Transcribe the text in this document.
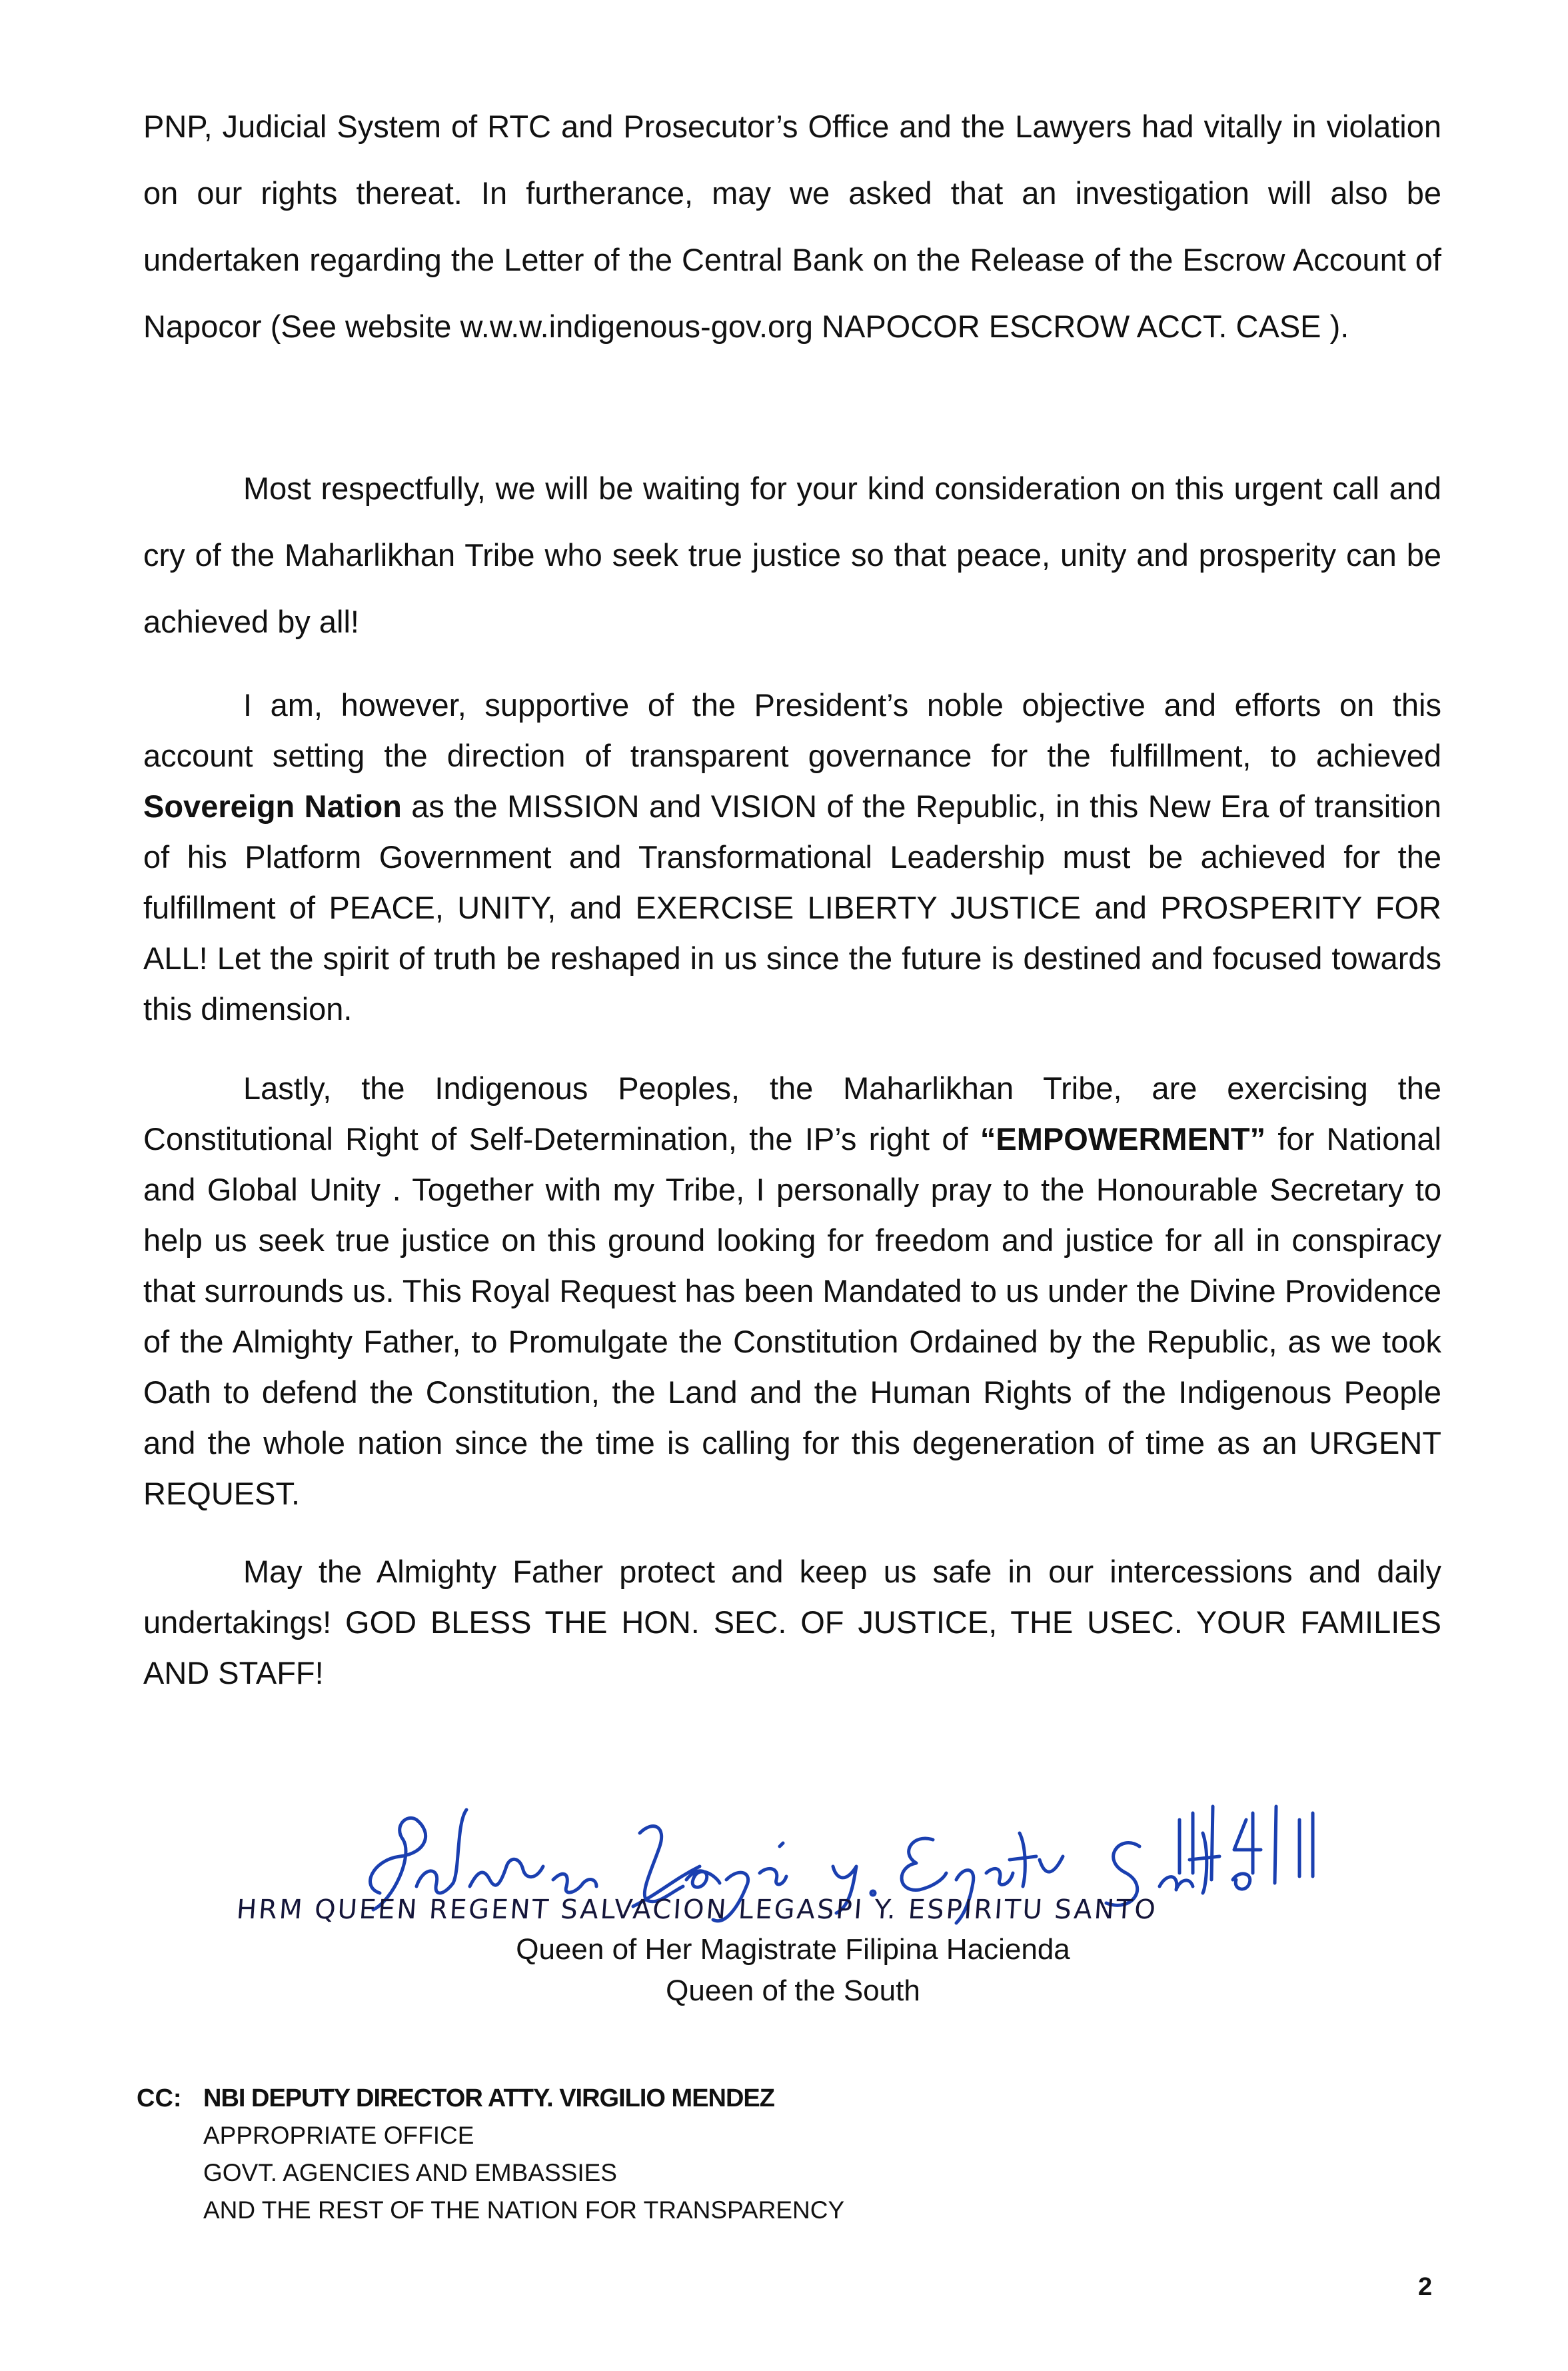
PNP, Judicial System of RTC and Prosecutor’s Office and the Lawyers had vitally in violation on our rights thereat. In furtherance, may we asked that an investigation will also be undertaken regarding the Letter of the Central Bank on the Release of the Escrow Account of Napocor (See website w.w.w.indigenous-gov.org NAPOCOR ESCROW ACCT. CASE ).

Most respectfully, we will be waiting for your kind consideration on this urgent call and cry of the Maharlikhan Tribe who seek true justice so that peace, unity and prosperity can be achieved by all!

I am, however, supportive of the President’s noble objective and efforts on this account setting the direction of transparent governance for the fulfillment, to achieved Sovereign Nation as the MISSION and VISION of the Republic, in this New Era of transition of his Platform Government and Transformational Leadership must be achieved for the fulfillment of PEACE, UNITY, and EXERCISE LIBERTY JUSTICE and PROSPERITY FOR ALL! Let the spirit of truth be reshaped in us since the future is destined and focused towards this dimension.

Lastly, the Indigenous Peoples, the Maharlikhan Tribe, are exercising the Constitutional Right of Self-Determination, the IP’s right of “EMPOWERMENT” for National and Global Unity . Together with my Tribe, I personally pray to the Honourable Secretary to help us seek true justice on this ground looking for freedom and justice for all in conspiracy that surrounds us. This Royal Request has been Mandated to us under the Divine Providence of the Almighty Father, to Promulgate the Constitution Ordained by the Republic, as we took Oath to defend the Constitution, the Land and the Human Rights of the Indigenous People and the whole nation since the time is calling for this degeneration of time as an URGENT REQUEST.

May the Almighty Father protect and keep us safe in our intercessions and daily undertakings! GOD BLESS THE HON. SEC. OF JUSTICE, THE USEC. YOUR FAMILIES AND STAFF!

HRM QUEEN REGENT SALVACION LEGASPI Y. ESPIRITU SANTO
Queen of Her Magistrate Filipina Hacienda
Queen of the South
CC: NBI DEPUTY DIRECTOR ATTY. VIRGILIO MENDEZ
APPROPRIATE OFFICE
GOVT. AGENCIES AND EMBASSIES
AND THE REST OF THE NATION FOR TRANSPARENCY
2
